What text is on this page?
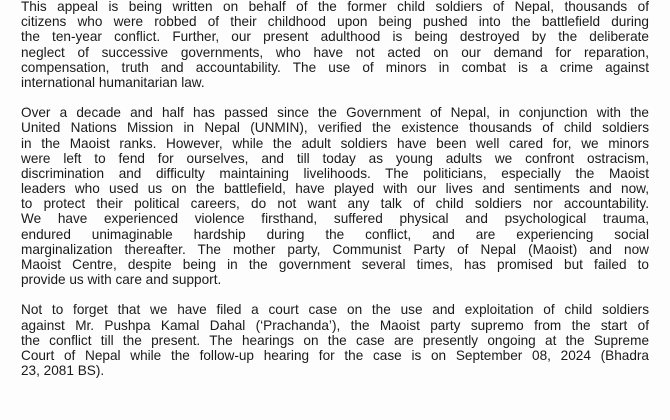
This appeal is being written on behalf of the former child soldiers of Nepal, thousands of
citizens who were robbed of their childhood upon being pushed into the battlefield during
the ten-year conflict. Further, our present adulthood is being destroyed by the deliberate
neglect of successive governments, who have not acted on our demand for reparation,
compensation, truth and accountability. The use of minors in combat is a crime against
international humanitarian law.
Over a decade and half has passed since the Government of Nepal, in conjunction with the
United Nations Mission in Nepal (UNMIN), verified the existence thousands of child soldiers
in the Maoist ranks. However, while the adult soldiers have been well cared for, we minors
were left to fend for ourselves, and till today as young adults we confront ostracism,
discrimination and difficulty maintaining livelihoods. The politicians, especially the Maoist
leaders who used us on the battlefield, have played with our lives and sentiments and now,
to protect their political careers, do not want any talk of child soldiers nor accountability.
We have experienced violence firsthand, suffered physical and psychological trauma,
endured unimaginable hardship during the conflict, and are experiencing social
marginalization thereafter. The mother party, Communist Party of Nepal (Maoist) and now
Maoist Centre, despite being in the government several times, has promised but failed to
provide us with care and support.
Not to forget that we have filed a court case on the use and exploitation of child soldiers
against Mr. Pushpa Kamal Dahal (‘Prachanda’), the Maoist party supremo from the start of
the conflict till the present. The hearings on the case are presently ongoing at the Supreme
Court of Nepal while the follow-up hearing for the case is on September 08, 2024 (Bhadra
23, 2081 BS).
